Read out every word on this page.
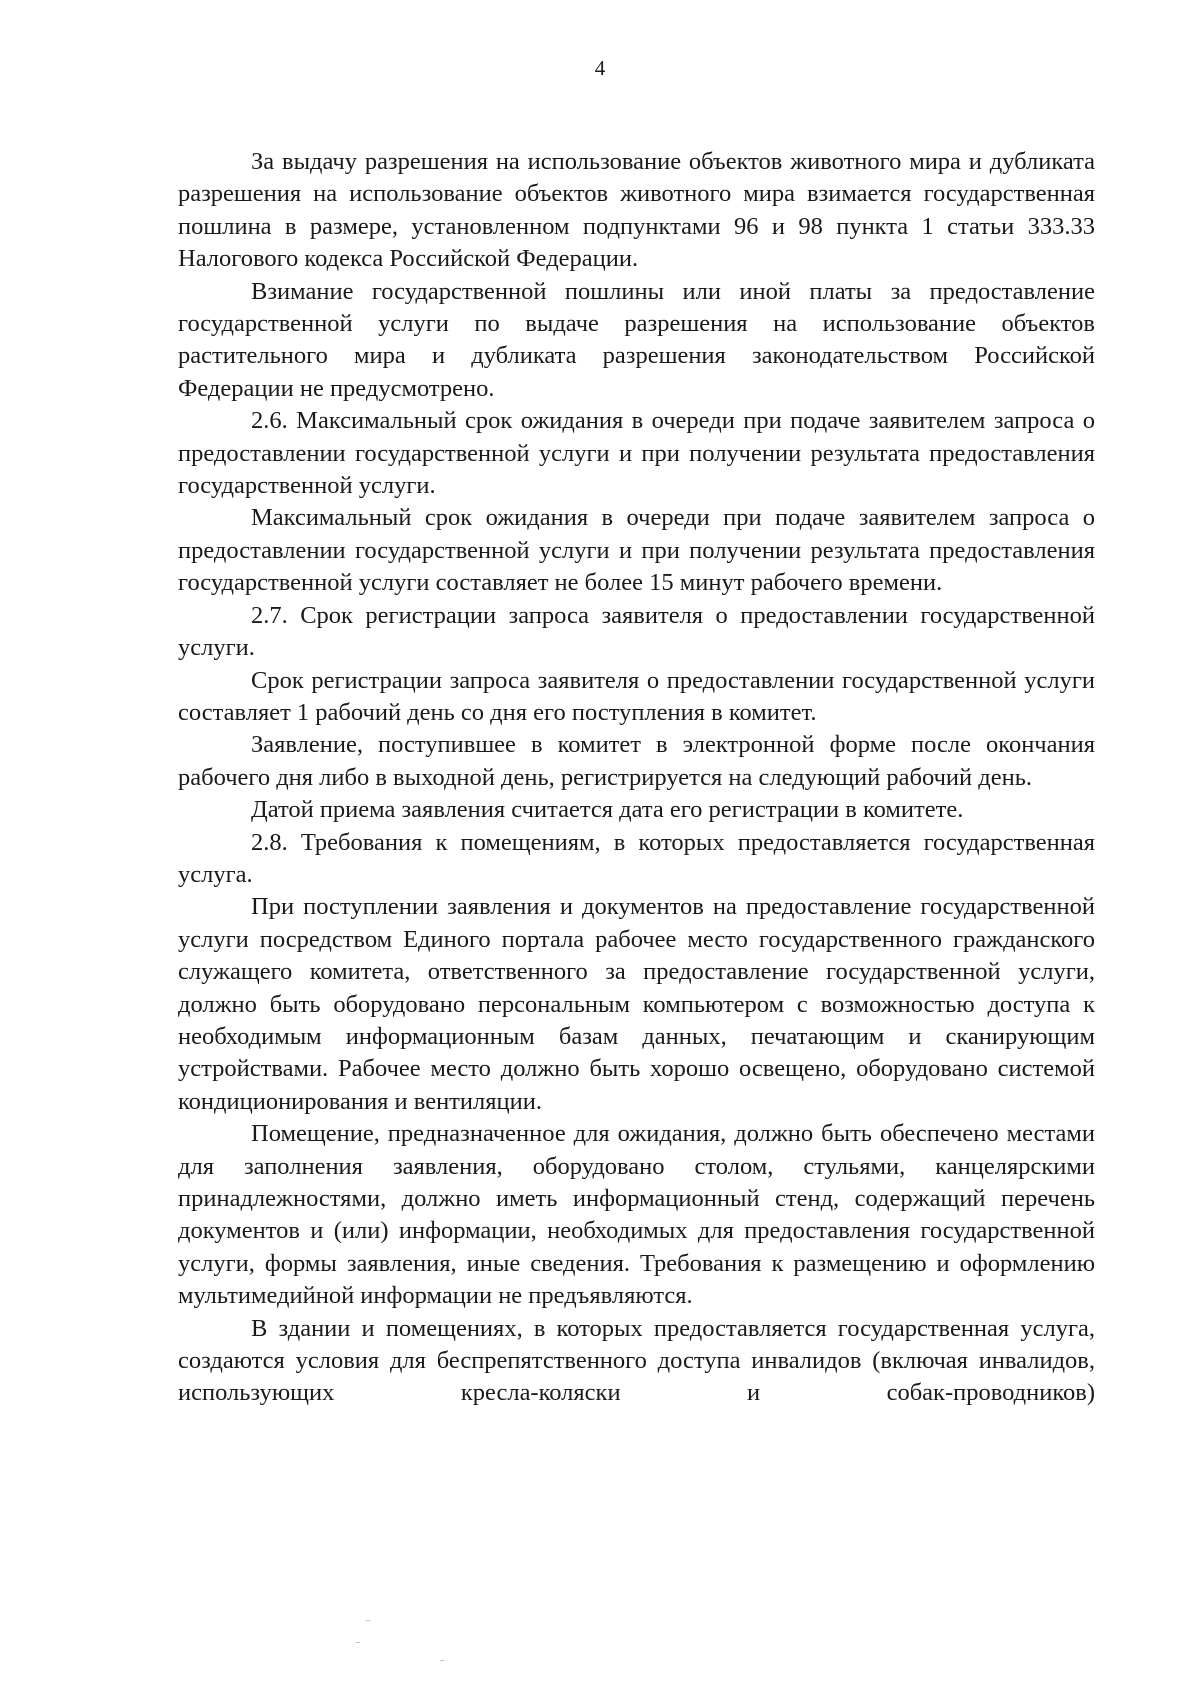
4

За выдачу разрешения на использование объектов животного мира и дубликата разрешения на использование объектов животного мира взимается государственная пошлина в размере, установленном подпунктами 96 и 98 пункта 1 статьи 333.33 Налогового кодекса Российской Федерации.

Взимание государственной пошлины или иной платы за предоставление государственной услуги по выдаче разрешения на использование объектов растительного мира и дубликата разрешения законодательством Российской Федерации не предусмотрено.

2.6. Максимальный срок ожидания в очереди при подаче заявителем запроса о предоставлении государственной услуги и при получении результата предоставления государственной услуги.

Максимальный срок ожидания в очереди при подаче заявителем запроса о предоставлении государственной услуги и при получении результата предоставления государственной услуги составляет не более 15 минут рабочего времени.

2.7. Срок регистрации запроса заявителя о предоставлении государственной услуги.

Срок регистрации запроса заявителя о предоставлении государственной услуги составляет 1 рабочий день со дня его поступления в комитет.

Заявление, поступившее в комитет в электронной форме после окончания рабочего дня либо в выходной день, регистрируется на следующий рабочий день.

Датой приема заявления считается дата его регистрации в комитете.

2.8. Требования к помещениям, в которых предоставляется государственная услуга.

При поступлении заявления и документов на предоставление государственной услуги посредством Единого портала рабочее место государственного гражданского служащего комитета, ответственного за предоставление государственной услуги, должно быть оборудовано персональным компьютером с возможностью доступа к необходимым информационным базам данных, печатающим и сканирующим устройствами. Рабочее место должно быть хорошо освещено, оборудовано системой кондиционирования и вентиляции.

Помещение, предназначенное для ожидания, должно быть обеспечено местами для заполнения заявления, оборудовано столом, стульями, канцелярскими принадлежностями, должно иметь информационный стенд, содержащий перечень документов и (или) информации, необходимых для предоставления государственной услуги, формы заявления, иные сведения. Требования к размещению и оформлению мультимедийной информации не предъявляются.

В здании и помещениях, в которых предоставляется государственная услуга, создаются условия для беспрепятственного доступа инвалидов (включая инвалидов, использующих кресла-коляски и собак-проводников)
